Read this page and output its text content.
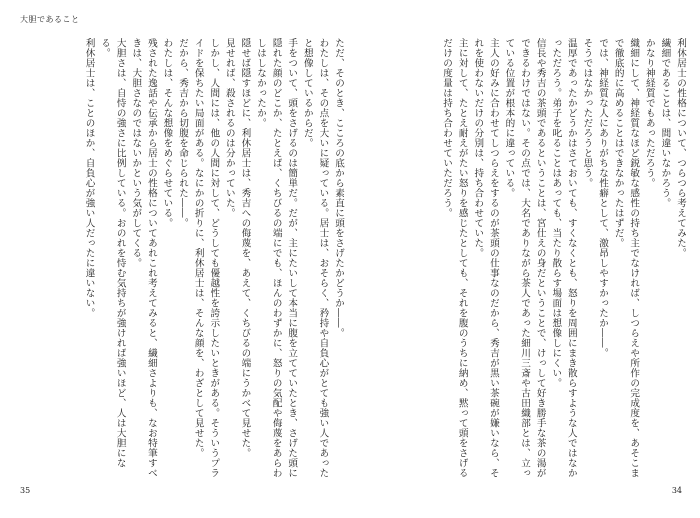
大胆であること

利休居士の性格について、つらつら考えてみた。

繊細であることは、間違いなかろう。

かなり神経質でもあっただろう。

織細にして、神経質なほど鋭敏な感性の持ち主でなければ、しつらえや所作の完成度を、あそこまで徹底的に高めることはできなかったはずだ。

では、神経質な人にありがちな性癖として、激昂しやすかったか――。

そうではなかっただろうと思う。

温厚であったかどうかはさておいても、すくなくとも、怒りを周囲にまき散らすような人ではなかっただろう。弟子を叱ることはあっても、当たり散らす場面は想像しにくい。

信長や秀吉の茶頭であるということは、宮仕えの身だということで、けっして好き勝手な茶の湯ができるわけではない。その点では、大名でありながら茶人であった細川三斎や古田織部とは、立っている位置が根本的に違っている。

主人の好みに合わせてしつらえをするのが茶頭の仕事なのだから、秀吉が黒い茶碗が嫌いなら、それを使わないだけの分別は、持ち合わせていた。

主に対して、たとえ耐えがたい怒りを感じたとしても、それを腹のうちに納め、黙って頭をさげるだけの度量は持ち合わせていただろう。

ただ、そのとき、こころの底から素直に頭をさげたかどうか――。

わたしは、その点を大いに疑っている。居士は、おそらく、矜持や自負心がとても強い人であったと想像しているからだ。

手をついて、頭をさげるのは簡単だ。だが、主にたいして本当に腹を立てていたとき、さげた頭に隠れた顔のどこか、たとえば、くちびるの端にでも、ほんのわずかに、怒りの気配や侮蔑をあらわしはしなかったか。

隠せば隠すほどに、利休居士は、秀吉への侮蔑を、あえて、くちびるの端にうかべて見せた。

見せれば、殺されるのは分かっていた。

しかし、人間には、他の人間に対して、どうしても優越性を誇示したいときがある。そういうプライドを保ちたい局面がある。なにかの折りに、利休居士は、そんな顔を、わざとして見せた。

だから、秀吉から切腹を命じられた――。

わたしは、そんな想像をめぐらせている。

残された逸話や伝承から居士の性格についてあれこれ考えてみると、繊細さよりも、なお特筆すべきは、大胆さなのではないかという気がしてくる。

大胆さは、自恃の強さに比例している。おのれを恃む気持ちが強ければ強いほど、人は大胆になる。

利休居士は、ことのほか、自負心が強い人だったに違いない。

35	34
